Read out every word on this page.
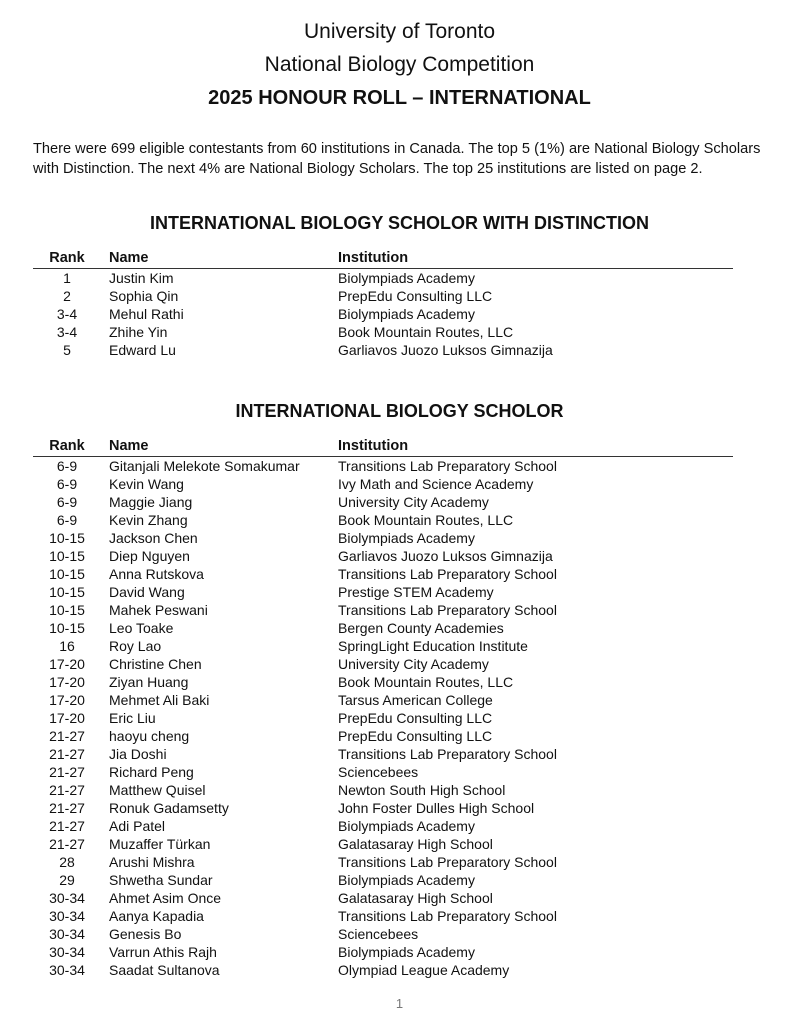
University of Toronto
National Biology Competition
2025 HONOUR ROLL – INTERNATIONAL

There were 699 eligible contestants from 60 institutions in Canada. The top 5 (1%) are National Biology Scholars with Distinction. The next 4% are National Biology Scholars. The top 25 institutions are listed on page 2.

INTERNATIONAL BIOLOGY SCHOLOR WITH DISTINCTION
Rank	Name	Institution
1	Justin Kim	Biolympiads Academy
2	Sophia Qin	PrepEdu Consulting LLC
3-4	Mehul Rathi	Biolympiads Academy
3-4	Zhihe Yin	Book Mountain Routes, LLC
5	Edward Lu	Garliavos Juozo Luksos Gimnazija
INTERNATIONAL BIOLOGY SCHOLOR
Rank	Name	Institution
6-9	Gitanjali Melekote Somakumar	Transitions Lab Preparatory School
6-9	Kevin Wang	Ivy Math and Science Academy
6-9	Maggie Jiang	University City Academy
6-9	Kevin Zhang	Book Mountain Routes, LLC
10-15	Jackson Chen	Biolympiads Academy
10-15	Diep Nguyen	Garliavos Juozo Luksos Gimnazija
10-15	Anna Rutskova	Transitions Lab Preparatory School
10-15	David Wang	Prestige STEM Academy
10-15	Mahek Peswani	Transitions Lab Preparatory School
10-15	Leo Toake	Bergen County Academies
16	Roy Lao	SpringLight Education Institute
17-20	Christine Chen	University City Academy
17-20	Ziyan Huang	Book Mountain Routes, LLC
17-20	Mehmet Ali Baki	Tarsus American College
17-20	Eric Liu	PrepEdu Consulting LLC
21-27	haoyu cheng	PrepEdu Consulting LLC
21-27	Jia Doshi	Transitions Lab Preparatory School
21-27	Richard Peng	Sciencebees
21-27	Matthew Quisel	Newton South High School
21-27	Ronuk Gadamsetty	John Foster Dulles High School
21-27	Adi Patel	Biolympiads Academy
21-27	Muzaffer Türkan	Galatasaray High School
28	Arushi Mishra	Transitions Lab Preparatory School
29	Shwetha Sundar	Biolympiads Academy
30-34	Ahmet Asim Once	Galatasaray High School
30-34	Aanya Kapadia	Transitions Lab Preparatory School
30-34	Genesis Bo	Sciencebees
30-34	Varrun Athis Rajh	Biolympiads Academy
30-34	Saadat Sultanova	Olympiad League Academy
1
